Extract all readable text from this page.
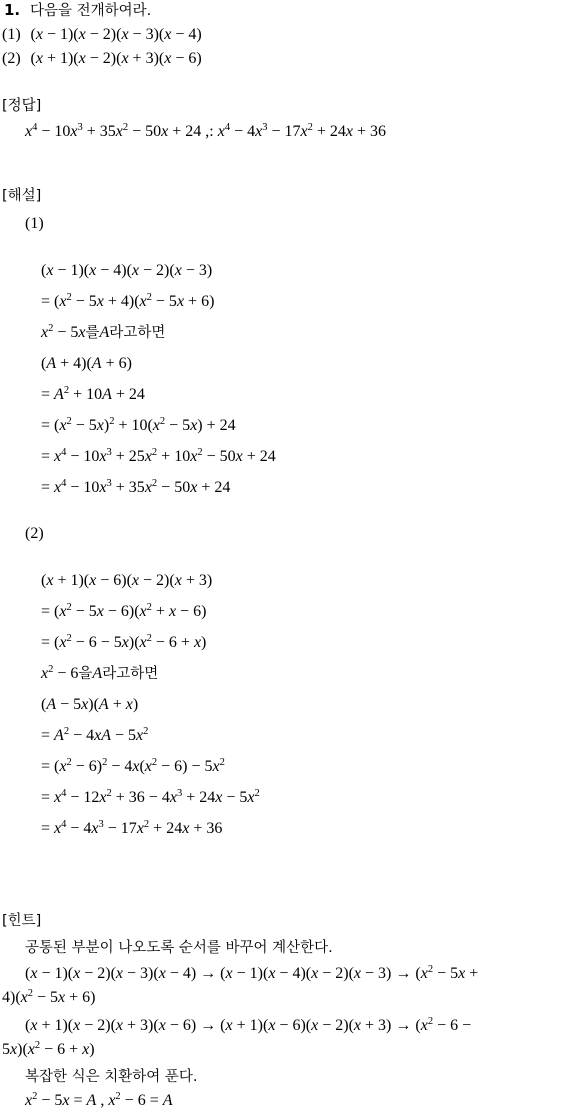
1. 다음을 전개하여라.
(1) (x − 1)(x − 2)(x − 3)(x − 4)
(2) (x + 1)(x − 2)(x + 3)(x − 6)
[정답]
$x^4 - 10x^3 + 35x^2 - 50x + 24$ ,: $x^4 - 4x^3 - 17x^2 + 24x + 36$
[해설]
(1)
(x − 1)(x − 4)(x − 2)(x − 3)
= $(x^2 - 5x + 4)(x^2 - 5x + 6)$
$x^2 - 5x$를A라고하면
(A + 4)(A + 6)
= $A^2 + 10A + 24$
= $(x^2 - 5x)^2 + 10(x^2 - 5x) + 24$
= $x^4 - 10x^3 + 25x^2 + 10x^2 - 50x + 24$
= $x^4 - 10x^3 + 35x^2 - 50x + 24$
(2)
(x + 1)(x − 6)(x − 2)(x + 3)
= $(x^2 - 5x - 6)(x^2 + x - 6)$
= $(x^2 - 6 - 5x)(x^2 - 6 + x)$
$x^2 - 6$을A라고하면
(A − 5x)(A + x)
= $A^2 - 4xA - 5x^2$
= $(x^2 - 6)^2 - 4x(x^2 - 6) - 5x^2$
= $x^4 - 12x^2 + 36 - 4x^3 + 24x - 5x^2$
= $x^4 - 4x^3 - 17x^2 + 24x + 36$
[힌트]
공통된 부분이 나오도록 순서를 바꾸어 계산한다.
$(x - 1)(x - 2)(x - 3)(x - 4) \to (x - 1)(x - 4)(x - 2)(x - 3) \to (x^2 - 5x$ +
$4)(x^2 - 5x + 6)$
$(x + 1)(x - 2)(x + 3)(x - 6) \to (x + 1)(x - 6)(x - 2)(x + 3) \to (x^2 - 6$ −
$5x)(x^2 - 6 + x)$
복잡한 식은 치환하여 푼다.
$x^2 - 5x = A$ , $x^2 - 6 = A$
